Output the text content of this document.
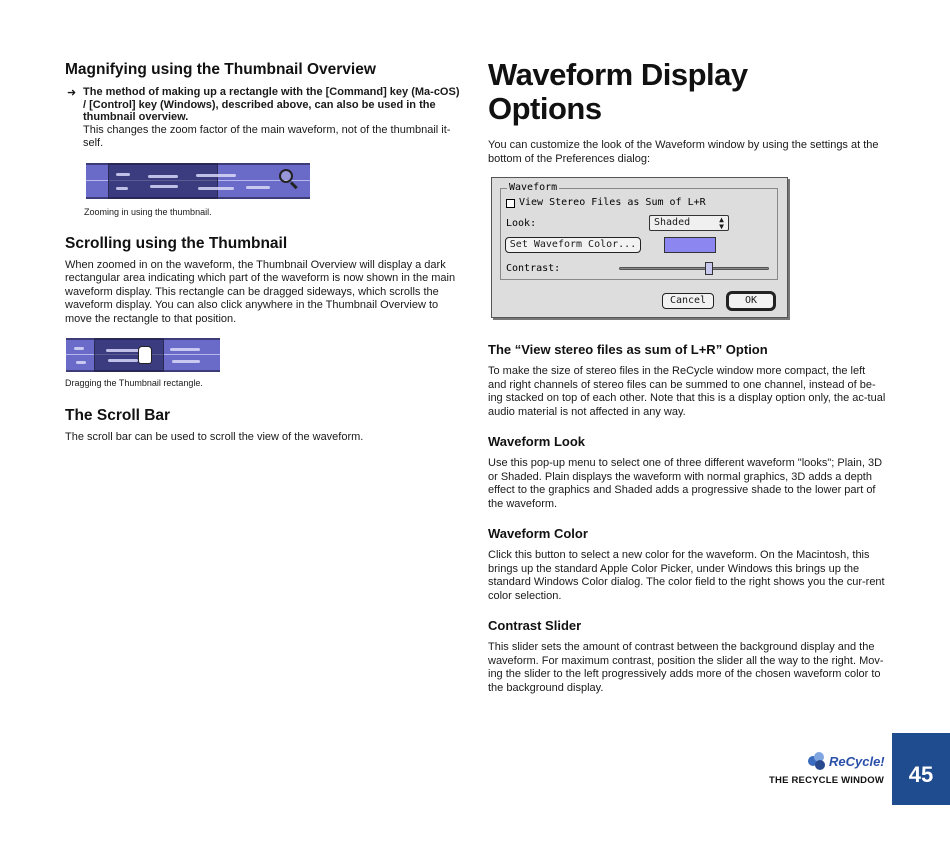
Magnifying using the Thumbnail Overview
➜ The method of making up a rectangle with the [Command] key (Ma-cOS) / [Control] key (Windows), described above, can also be used in the thumbnail overview.

This changes the zoom factor of the main waveform, not of the thumbnail it-self.

Zooming in using the thumbnail.

Scrolling using the Thumbnail

When zoomed in on the waveform, the Thumbnail Overview will display a dark rectangular area indicating which part of the waveform is now shown in the main waveform display. This rectangle can be dragged sideways, which scrolls the waveform display. You can also click anywhere in the Thumbnail Overview to move the rectangle to that position.

Dragging the Thumbnail rectangle.

The Scroll Bar

The scroll bar can be used to scroll the view of the waveform.

Waveform Display
Options

You can customize the look of the Waveform window by using the settings at the bottom of the Preferences dialog:

Waveform
View Stereo Files as Sum of L+R
Look:	Shaded	▲
▼
Set Waveform Color...
Contrast:
Cancel	OK
The “View stereo files as sum of L+R” Option

To make the size of stereo files in the ReCycle window more compact, the left and right channels of stereo files can be summed to one channel, instead of be-ing stacked on top of each other. Note that this is a display option only, the ac-tual audio material is not affected in any way.

Waveform Look

Use this pop-up menu to select one of three different waveform "looks"; Plain, 3D or Shaded. Plain displays the waveform with normal graphics, 3D adds a depth effect to the graphics and Shaded adds a progressive shade to the lower part of the waveform.

Waveform Color

Click this button to select a new color for the waveform. On the Macintosh, this brings up the standard Apple Color Picker, under Windows this brings up the standard Windows Color dialog. The color field to the right shows you the cur-rent color selection.

Contrast Slider

This slider sets the amount of contrast between the background display and the waveform. For maximum contrast, position the slider all the way to the right. Mov-ing the slider to the left progressively adds more of the chosen waveform color to the background display.

ReCycle!
THE RECYCLE WINDOW	45
